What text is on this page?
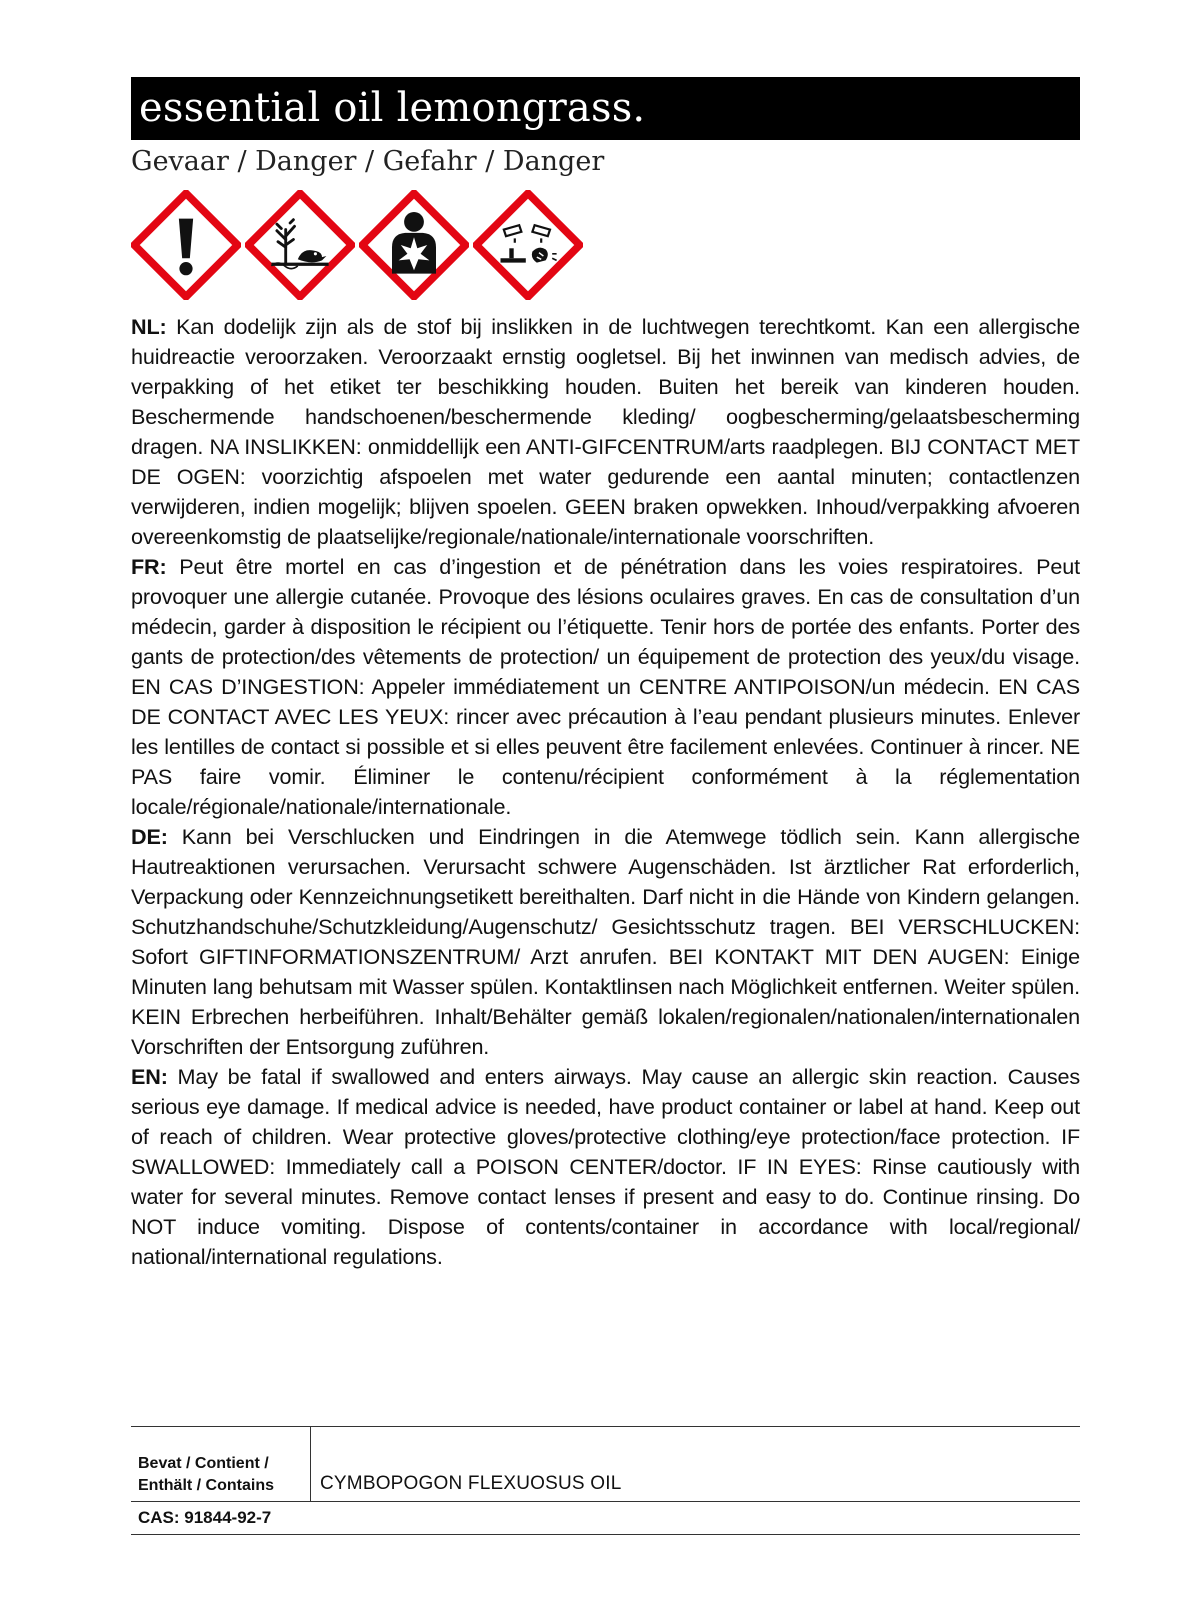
essential oil lemongrass.
Gevaar / Danger / Gefahr / Danger

NL: Kan dodelijk zijn als de stof bij inslikken in de luchtwegen terechtkomt. Kan een allergische huidreactie veroorzaken. Veroorzaakt ernstig oogletsel. Bij het inwinnen van medisch advies, de verpakking of het etiket ter beschikking houden. Buiten het bereik van kinderen houden. Beschermende handschoenen/beschermende kleding/ oogbescherming/gelaatsbescherming dragen. NA INSLIKKEN: onmiddellijk een ANTI-GIFCENTRUM/arts raadplegen. BIJ CONTACT MET DE OGEN: voorzichtig afspoelen met water gedurende een aantal minuten; contactlenzen verwijderen, indien mogelijk; blijven spoelen. GEEN braken opwekken. Inhoud/verpakking afvoeren overeenkomstig de plaatselijke/regionale/nationale/internationale voorschriften.

FR: Peut être mortel en cas d’ingestion et de pénétration dans les voies respiratoires. Peut provoquer une allergie cutanée. Provoque des lésions oculaires graves. En cas de consultation d’un médecin, garder à disposition le récipient ou l’étiquette. Tenir hors de portée des enfants. Porter des gants de protection/des vêtements de protection/ un équipement de protection des yeux/du visage. EN CAS D’INGESTION: Appeler immédiatement un CENTRE ANTIPOISON/un médecin. EN CAS DE CONTACT AVEC LES YEUX: rincer avec précaution à l’eau pendant plusieurs minutes. Enlever les lentilles de contact si possible et si elles peuvent être facilement enlevées. Continuer à rincer. NE PAS faire vomir. Éliminer le contenu/récipient conformément à la réglementation locale/régionale/nationale/internationale.

DE: Kann bei Verschlucken und Eindringen in die Atemwege tödlich sein. Kann allergische Hautreaktionen verursachen. Verursacht schwere Augenschäden. Ist ärztlicher Rat erforderlich, Verpackung oder Kennzeichnungsetikett bereithalten. Darf nicht in die Hände von Kindern gelangen. Schutzhandschuhe/Schutzkleidung/Augenschutz/ Gesichtsschutz tragen. BEI VERSCHLUCKEN: Sofort GIFTINFORMATIONSZENTRUM/ Arzt anrufen. BEI KONTAKT MIT DEN AUGEN: Einige Minuten lang behutsam mit Wasser spülen. Kontaktlinsen nach Möglichkeit entfernen. Weiter spülen. KEIN Erbrechen herbeiführen. Inhalt/Behälter gemäß lokalen/regionalen/nationalen/internationalen Vorschriften der Entsorgung zuführen.

EN: May be fatal if swallowed and enters airways. May cause an allergic skin reaction. Causes serious eye damage. If medical advice is needed, have product container or label at hand. Keep out of reach of children. Wear protective gloves/protective clothing/eye protection/face protection. IF SWALLOWED: Immediately call a POISON CENTER/doctor. IF IN EYES: Rinse cautiously with water for several minutes. Remove contact lenses if present and easy to do. Continue rinsing. Do NOT induce vomiting. Dispose of contents/container in accordance with local/regional/ national/international regulations.

Bevat / Contient /
Enthält / Contains	CYMBOPOGON FLEXUOSUS OIL
CAS: 91844-92-7
